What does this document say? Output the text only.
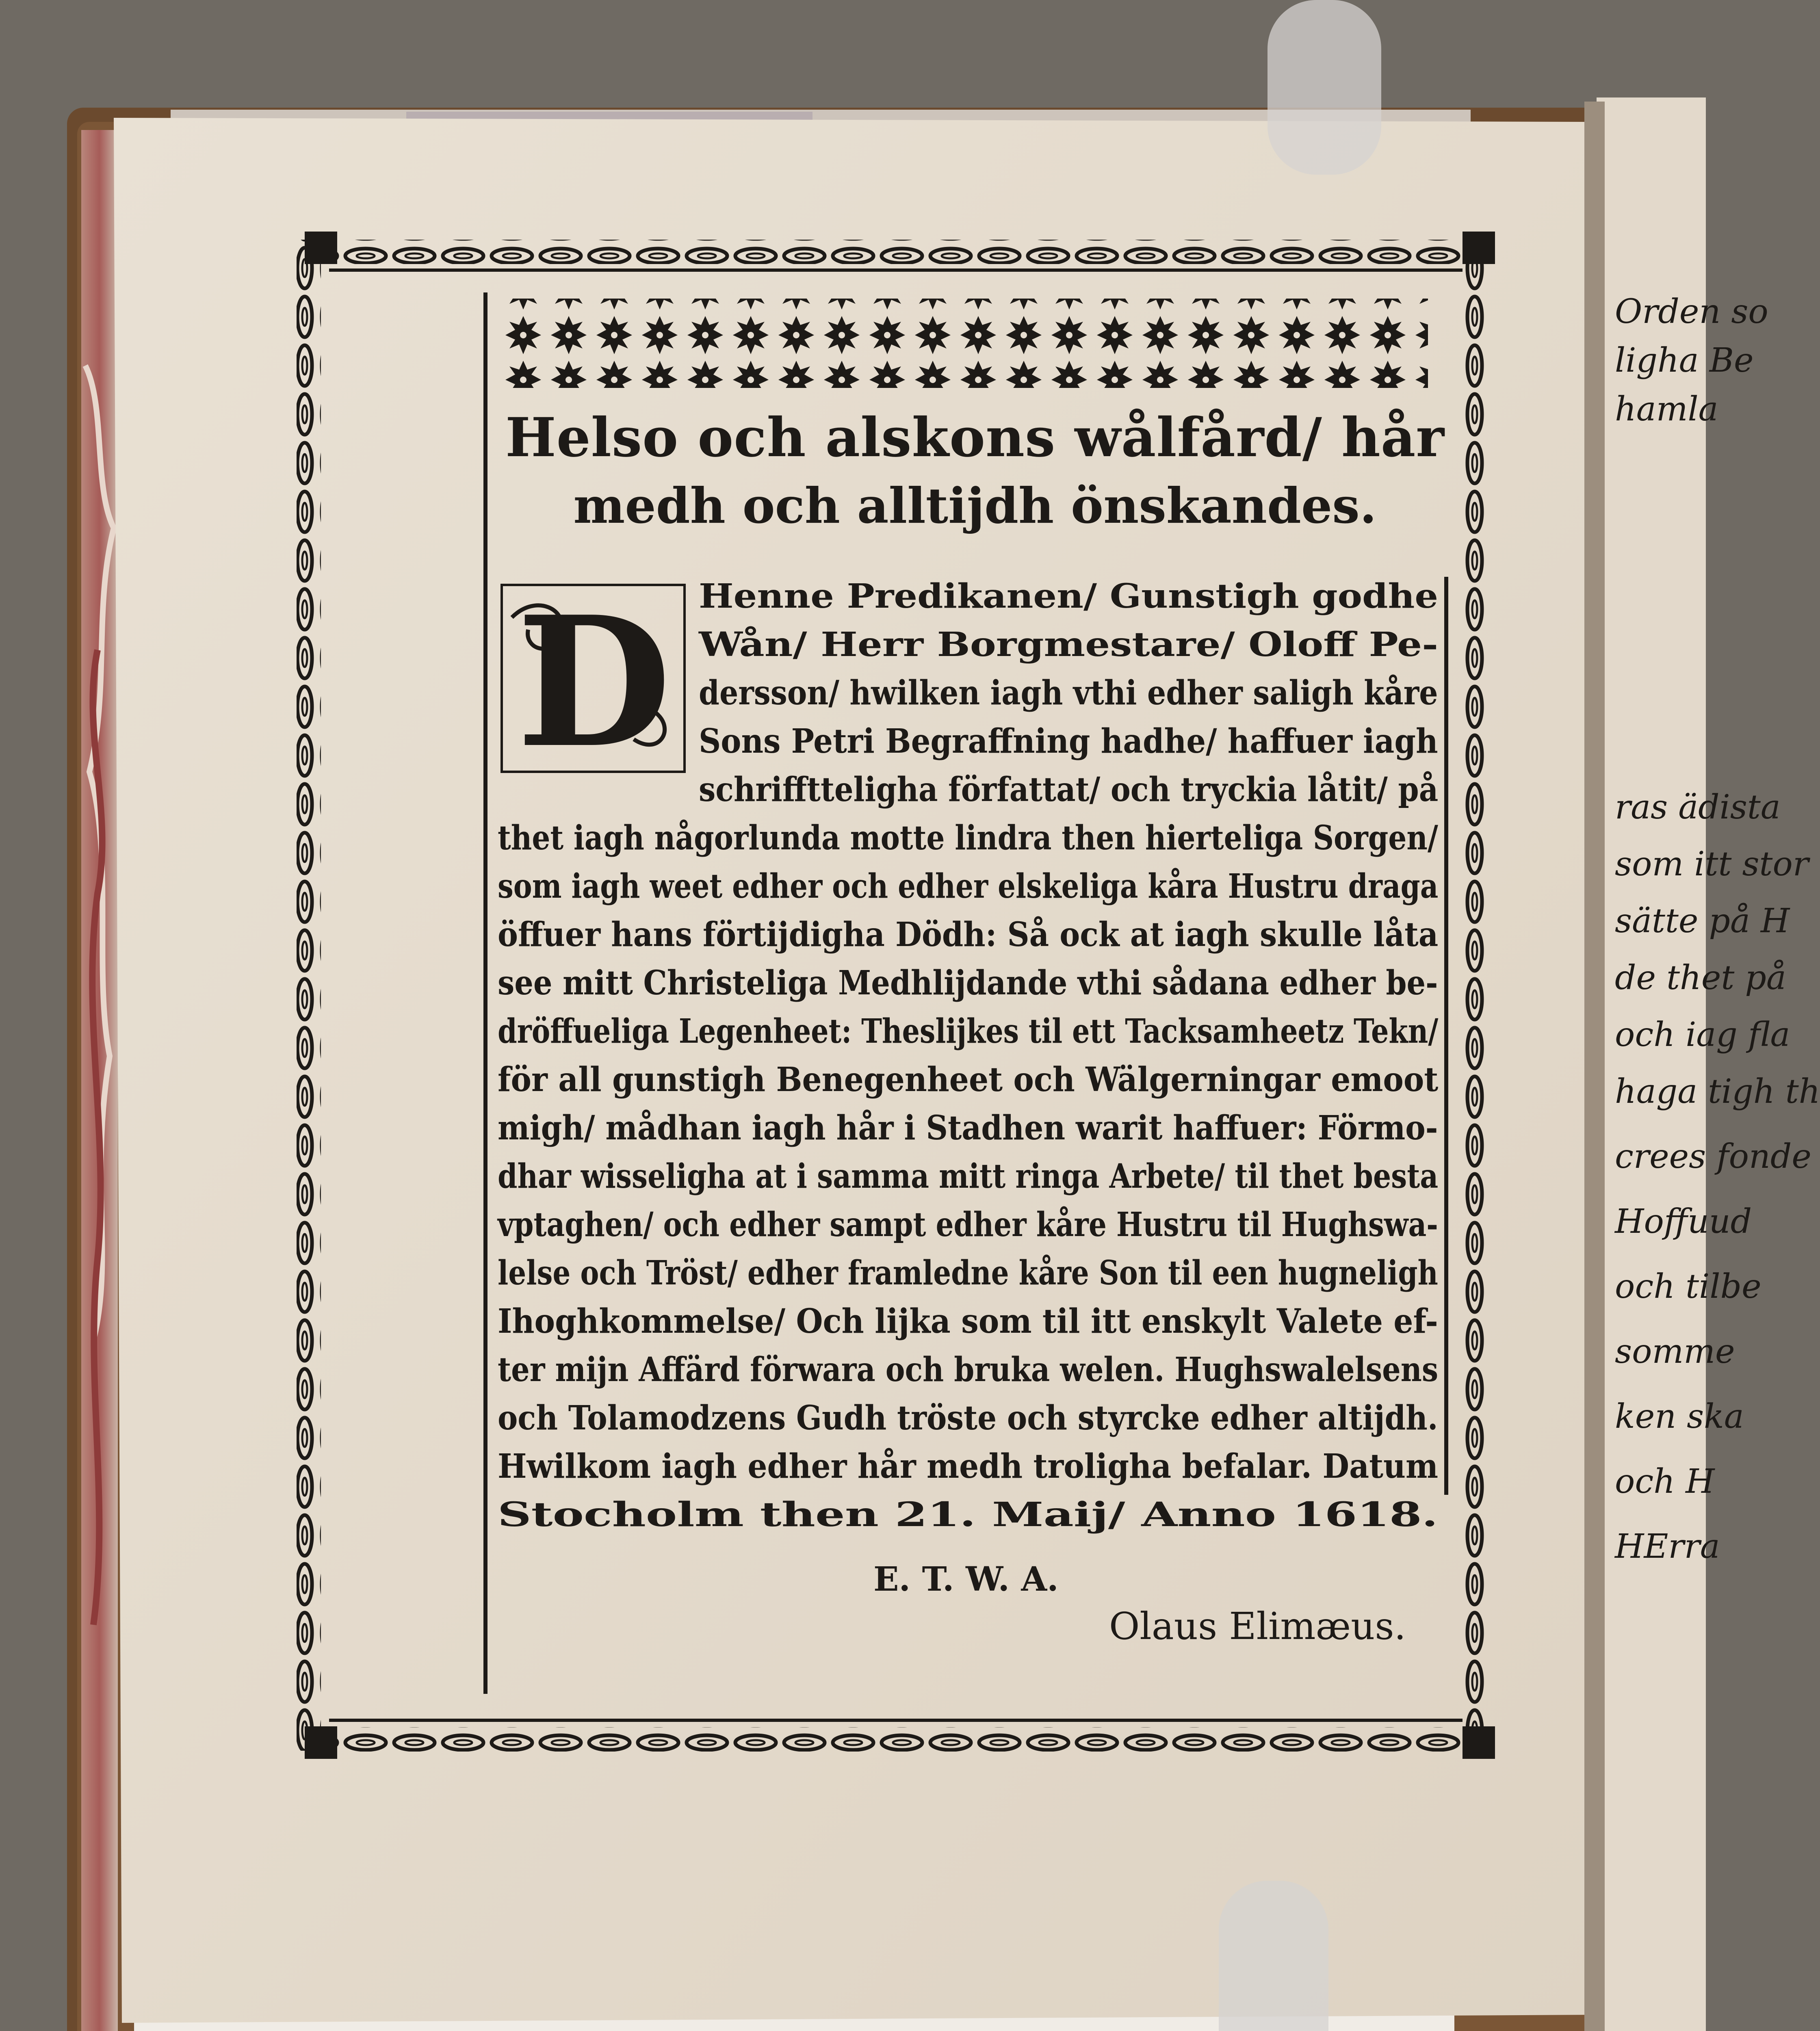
Helso och alskons wålfård/ hår
medh och alltijdh önskandes.
D Henne Predikanen/ Gunstigh godhe
Wån/ Herr Borgmestare/ Oloff Pe-
dersson/ hwilken iagh vthi edher saligh kåre
Sons Petri Begraffning hadhe/ haffuer iagh
schrifftteligha författat/ och tryckia låtit/ på
thet iagh någorlunda motte lindra then hierteliga Sorgen/
som iagh weet edher och edher elskeliga kåra Hustru draga
öffuer hans förtijdigha Dödh: Så ock at iagh skulle låta
see mitt Christeliga Medhlijdande vthi sådana edher be-
dröffueliga Legenheet: Theslijkes til ett Tacksamheetz Tekn/
för all gunstigh Benegenheet och Wälgerningar emoot
migh/ mådhan iagh hår i Stadhen warit haffuer: Förmo-
dhar wisseligha at i samma mitt ringa Arbete/ til thet besta
vptaghen/ och edher sampt edher kåre Hustru til Hughswa-
lelse och Tröst/ edher framledne kåre Son til een hugneligh
Ihoghkommelse/ Och lijka som til itt enskylt Valete ef-
ter mijn Affärd förwara och bruka welen. Hughswalelsens
och Tolamodzens Gudh tröste och styrcke edher altijdh.
Hwilkom iagh edher hår medh troligha befalar. Datum
Stocholm then 21. Maij/ Anno 1618.
E. T. W. A.
Olaus Elimæus.
Orden so
ligha Be
hamla
ras ädista
som itt stor
sätte på H
de thet på
och iag fla
haga tigh th
crees fonde
Hoffuud
och tilbe
somme
ken ska
och H
HErra
